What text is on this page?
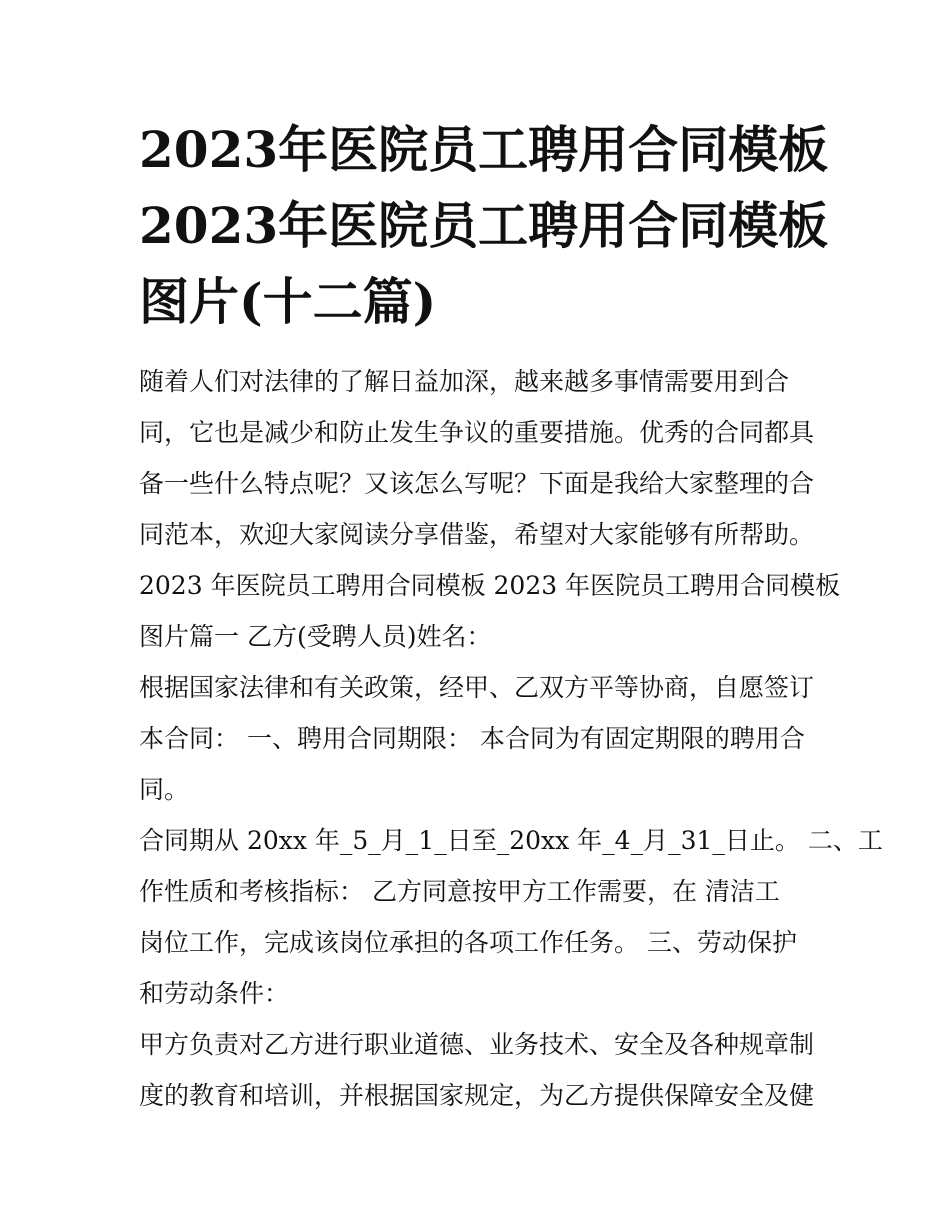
2023年医院员工聘用合同模板
2023年医院员工聘用合同模板
图片(十二篇)
随着人们对法律的了解日益加深，越来越多事情需要用到合
同，它也是减少和防止发生争议的重要措施。优秀的合同都具
备一些什么特点呢？又该怎么写呢？下面是我给大家整理的合
同范本，欢迎大家阅读分享借鉴，希望对大家能够有所帮助。
2023 年医院员工聘用合同模板 2023 年医院员工聘用合同模板
图片篇一 乙方(受聘人员)姓名：
根据国家法律和有关政策，经甲、乙双方平等协商，自愿签订
本合同： 一、聘用合同期限： 本合同为有固定期限的聘用合
同。
合同期从 20xx 年_5_月_1_日至_20xx 年_4_月_31_日止。 二、工
作性质和考核指标： 乙方同意按甲方工作需要，在 清洁工
岗位工作，完成该岗位承担的各项工作任务。 三、劳动保护
和劳动条件：
甲方负责对乙方进行职业道德、业务技术、安全及各种规章制
度的教育和培训，并根据国家规定，为乙方提供保障安全及健
